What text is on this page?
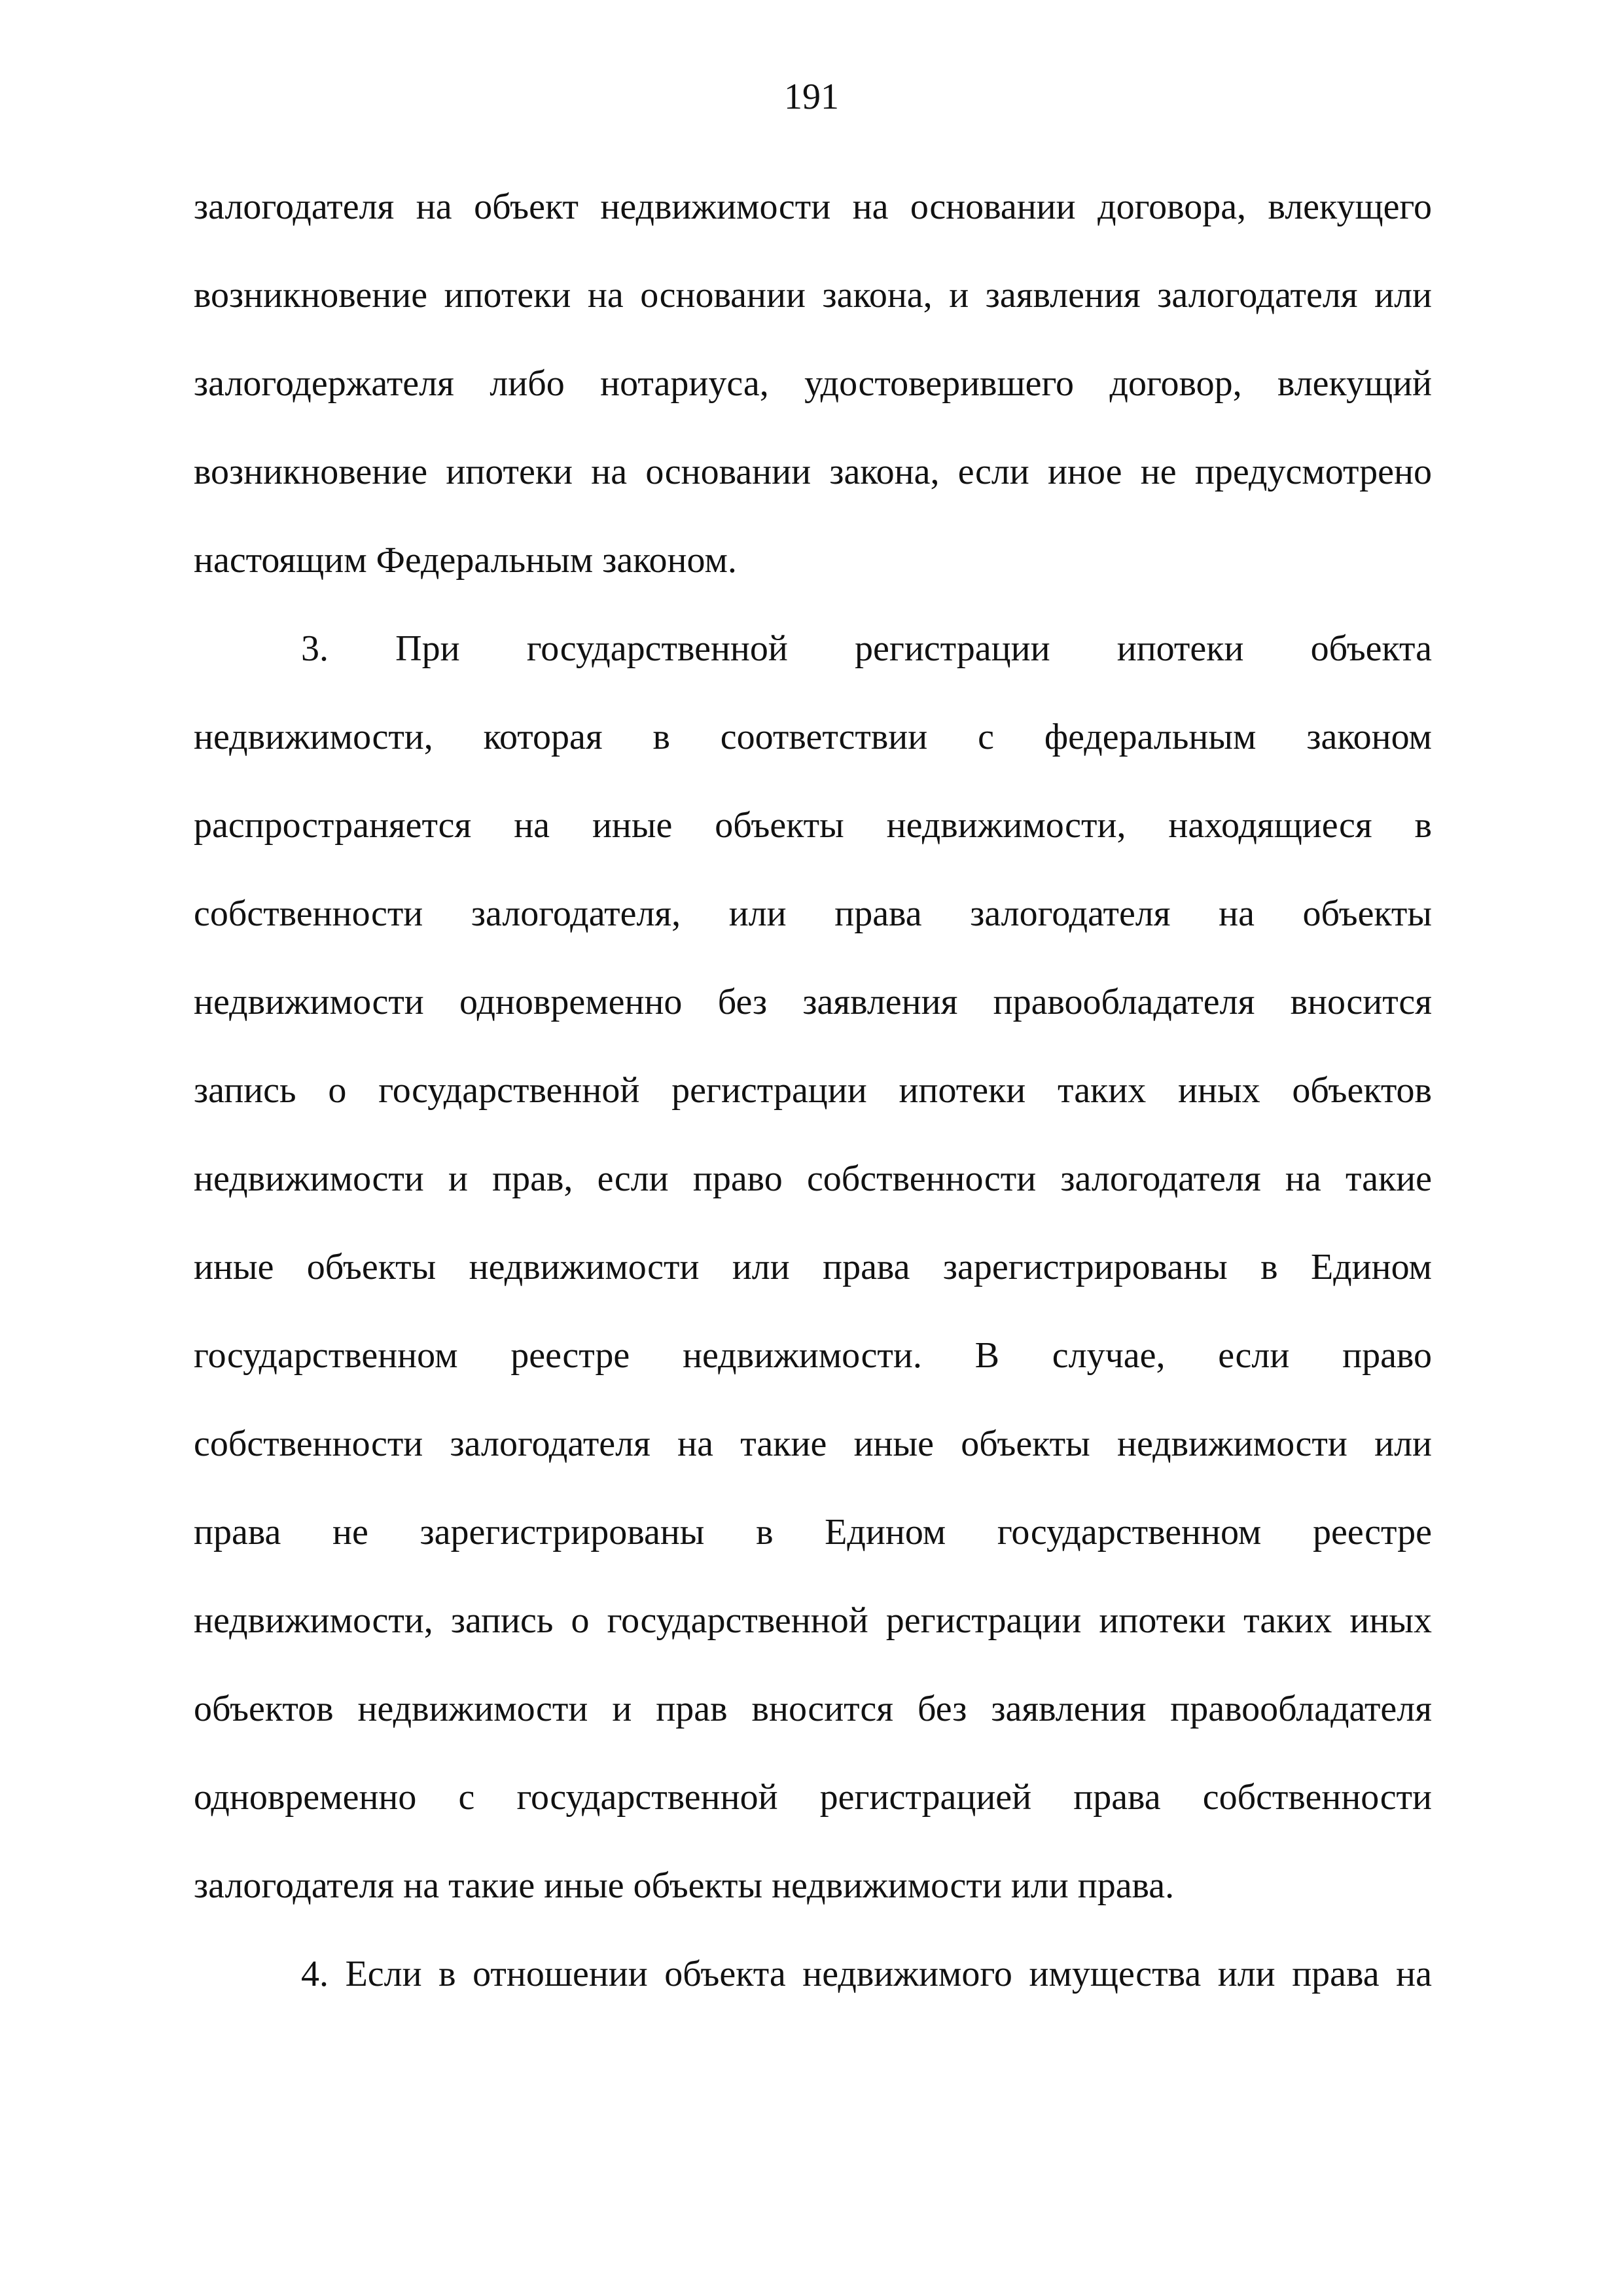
191
залогодателя на объект недвижимости на основании договора, влекущего
возникновение ипотеки на основании закона, и заявления залогодателя или
залогодержателя либо нотариуса, удостоверившего договор, влекущий
возникновение ипотеки на основании закона, если иное не предусмотрено
настоящим Федеральным законом.
3. При государственной регистрации ипотеки объекта
недвижимости, которая в соответствии с федеральным законом
распространяется на иные объекты недвижимости, находящиеся в
собственности залогодателя, или права залогодателя на объекты
недвижимости одновременно без заявления правообладателя вносится
запись о государственной регистрации ипотеки таких иных объектов
недвижимости и прав, если право собственности залогодателя на такие
иные объекты недвижимости или права зарегистрированы в Едином
государственном реестре недвижимости. В случае, если право
собственности залогодателя на такие иные объекты недвижимости или
права не зарегистрированы в Едином государственном реестре
недвижимости, запись о государственной регистрации ипотеки таких иных
объектов недвижимости и прав вносится без заявления правообладателя
одновременно с государственной регистрацией права собственности
залогодателя на такие иные объекты недвижимости или права.
4. Если в отношении объекта недвижимого имущества или права на
